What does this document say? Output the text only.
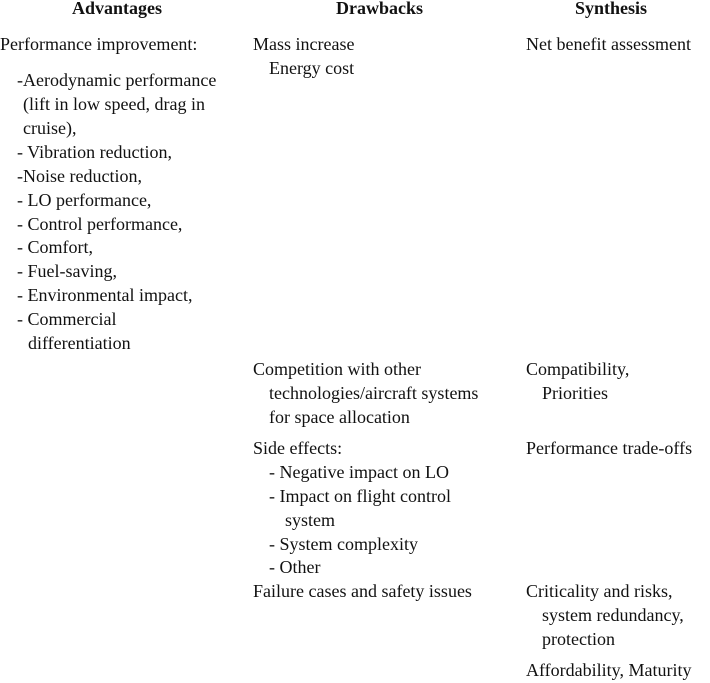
Advantages	Drawbacks	Synthesis
Performance improvement:
-Aerodynamic performance
(lift in low speed, drag in
cruise),
- Vibration reduction,
-Noise reduction,
- LO performance,
- Control performance,
- Comfort,
- Fuel-saving,
- Environmental impact,
- Commercial
differentiation
Mass increase
Energy cost
Competition with other
technologies/aircraft systems
for space allocation
Side effects:
- Negative impact on LO
- Impact on flight control
system
- System complexity
- Other
Failure cases and safety issues
Net benefit assessment
Compatibility,
Priorities
Performance trade-offs
Criticality and risks,
system redundancy,
protection
Affordability, Maturity
